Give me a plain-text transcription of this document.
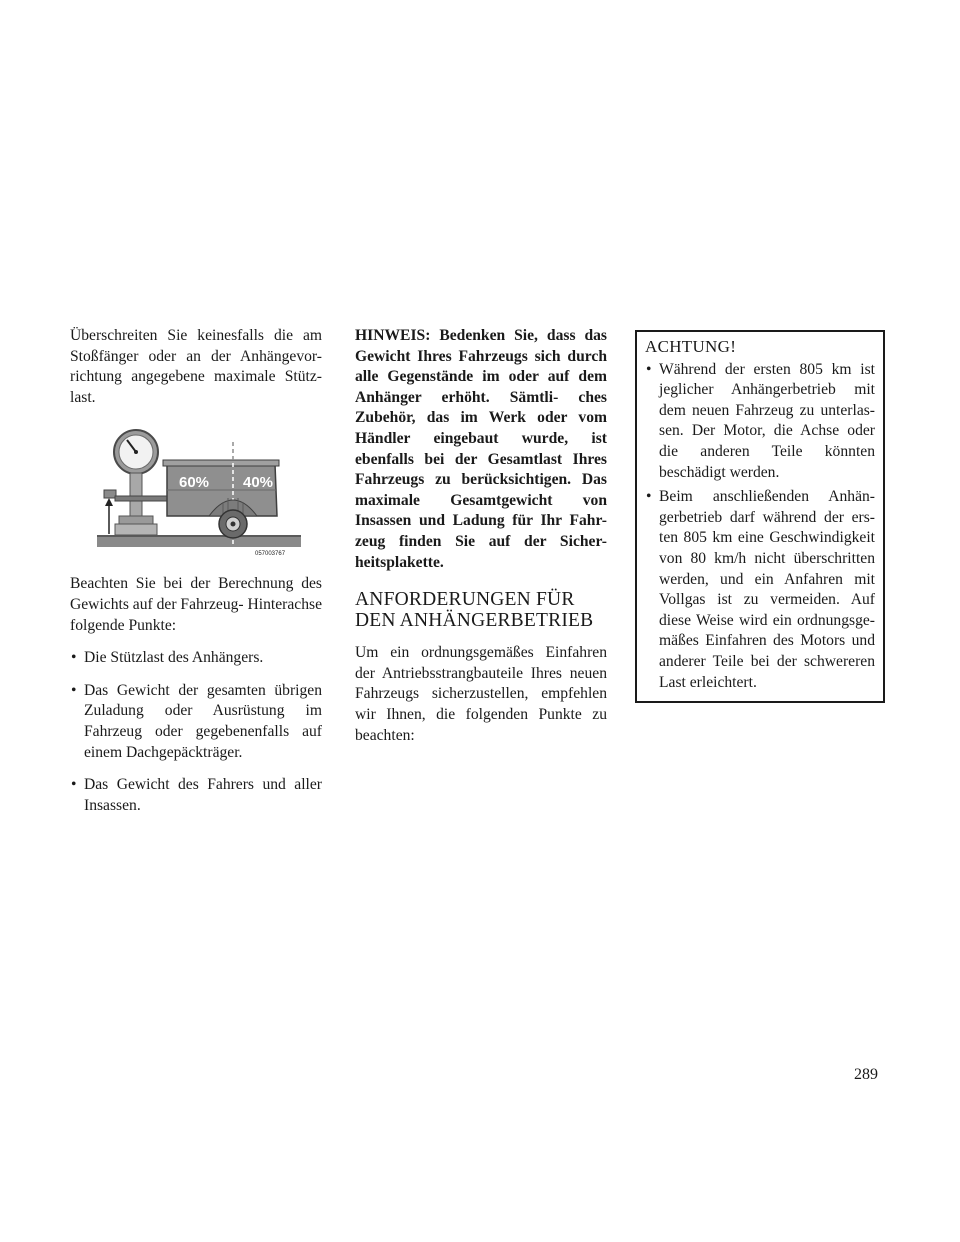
Überschreiten Sie keinesfalls die am Stoßfänger oder an der Anhängevor- richtung angegebene maximale Stütz- last.

60% 40%
057003767

Beachten Sie bei der Berechnung des Gewichts auf der Fahrzeug- Hinterachse folgende Punkte:

• Die Stützlast des Anhängers.
• Das Gewicht der gesamten übrigen Zuladung oder Ausrüstung im Fahrzeug oder gegebenenfalls auf einem Dachgepäckträger.
• Das Gewicht des Fahrers und aller Insassen.

HINWEIS: Bedenken Sie, dass das Gewicht Ihres Fahrzeugs sich durch alle Gegenstände im oder auf dem Anhänger erhöht. Sämtli- ches Zubehör, das im Werk oder vom Händler eingebaut wurde, ist ebenfalls bei der Gesamtlast Ihres Fahrzeugs zu berücksichtigen. Das maximale Gesamtgewicht von Insassen und Ladung für Ihr Fahr- zeug finden Sie auf der Sicher- heitsplakette.

ANFORDERUNGEN FÜR
DEN ANHÄNGERBETRIEB

Um ein ordnungsgemäßes Einfahren der Antriebsstrangbauteile Ihres neuen Fahrzeugs sicherzustellen, empfehlen wir Ihnen, die folgenden Punkte zu beachten:

ACHTUNG!
• Während der ersten 805 km ist jeglicher Anhängerbetrieb mit dem neuen Fahrzeug zu unterlas- sen. Der Motor, die Achse oder die anderen Teile könnten beschädigt werden.
• Beim anschließenden Anhän- gerbetrieb darf während der ers- ten 805 km eine Geschwindigkeit von 80 km/h nicht überschritten werden, und ein Anfahren mit Vollgas ist zu vermeiden. Auf diese Weise wird ein ordnungsge- mäßes Einfahren des Motors und anderer Teile bei der schwereren Last erleichtert.
289
